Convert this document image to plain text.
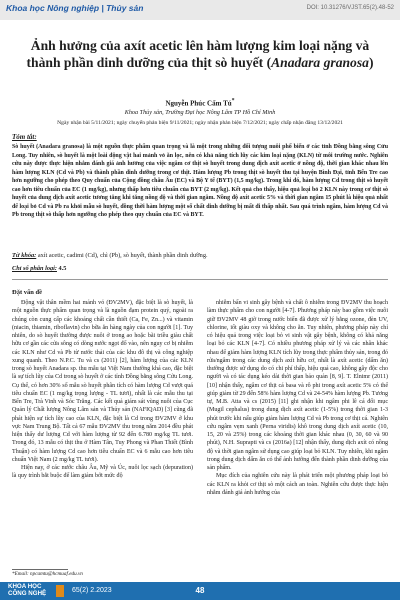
Khoa học Nông nghiệp | Thủy sản	DOI: 10.31276/VJST.65(2).48-52
Ảnh hưởng của axít acetic lên hàm lượng kim loại nặng và thành phần dinh dưỡng của thịt sò huyết (Anadara granosa)
Nguyễn Phúc Cẩm Tú*
Khoa Thủy sản, Trường Đại học Nông Lâm TP Hồ Chí Minh
Ngày nhận bài 5/11/2021; ngày chuyển phản biện 9/11/2021; ngày nhận phản biện 7/12/2021; ngày chấp nhận đăng 13/12/2021
Tóm tắt:

Sò huyết (Anadara granosa) là một nguồn thực phẩm quan trọng và là một trong những đối tượng nuôi phổ biến ở các tỉnh Đồng bằng sông Cửu Long. Tuy nhiên, sò huyết là một loài động vật hai mảnh vỏ ăn lọc, nên có khả năng tích lũy các kim loại nặng (KLN) từ môi trường nước. Nghiên cứu này được thực hiện nhằm đánh giá ảnh hưởng của việc ngâm cơ thịt sò huyết trong dung dịch axít acetic ở nồng độ, thời gian khác nhau lên hàm lượng KLN (Cd và Pb) và thành phần dinh dưỡng trong cơ thịt. Hàm lượng Pb trong thịt sò huyết thu tại huyện Bình Đại, tỉnh Bến Tre cao hơn ngưỡng cho phép theo Quy chuẩn của Cộng đồng châu Âu (EC) và Bộ Y tế (BYT) (1,5 mg/kg). Trong khi đó, hàm lượng Cd trong thịt sò huyết cao hơn tiêu chuẩn của EC (1 mg/kg), nhưng thấp hơn tiêu chuẩn của BYT (2 mg/kg). Kết quả cho thấy, hiệu quả loại bỏ 2 KLN này trong cơ thịt sò huyết của dung dịch axít acetic tương tăng khi tăng nồng độ và thời gian ngâm. Nồng độ axít acetic 5% và thời gian ngâm 15 phút là hiệu quả nhất để loại bỏ Cd và Pb ra khỏi mẫu sò huyết, đồng thời hàm lượng một số chất dinh dưỡng bị mất đi thấp nhất. Sau quá trình ngâm, hàm lượng Cd và Pb trong thịt sò thấp hơn ngưỡng cho phép theo quy chuẩn của EC và BYT.

Từ khóa: axít acetic, cadimi (Cd), chì (Pb), sò huyết, thành phần dinh dưỡng.
Chỉ số phân loại: 4.5
Đặt vấn đề

Động vật thân mềm hai mảnh vỏ (ĐV2MV), đặc biệt là sò huyết, là một nguồn thực phẩm quan trọng và là nguồn đạm protein quý, ngoài ra chúng còn cung cấp các khoáng chất cần thiết (Ca, Fe, Zn...) và vitamin (niacin, thiamin, riboflavin) cho bữa ăn hàng ngày của con người [1]. Tuy nhiên, do sò huyết thường được nuôi ở trong ao hoặc bãi triều giàu chất hữu cơ gần các cửa sông có dòng nước ngọt đổ vào, nên nguy cơ bị nhiễm các KLN như Cd và Pb từ nước thải của các khu đô thị và công nghiệp xung quanh. Theo N.P.C. Tu và cs (2011) [2], hàm lượng của các KLN trong sò huyết Anadara sp. thu mẫu tại Việt Nam thường khá cao, đặc biệt là sự tích lũy của Cd trong sò huyết ở các tỉnh Đồng bằng sông Cửu Long. Cụ thể, có hơn 30% số mẫu sò huyết phân tích có hàm lượng Cd vượt quá tiêu chuẩn EC (1 mg/kg trọng lượng - TL tươi), nhất là các mẫu thu tại Bến Tre, Trà Vinh và Sóc Trăng. Các kết quả giám sát vùng nuôi của Cục Quản lý Chất lượng Nông Lâm sản và Thủy sản (NAFIQAD) [3] cũng đã phát hiện sự tích lũy cao của KLN, đặc biệt là Cd trong ĐV2MV ở khu vực Nam Trung Bộ. Tất cả 67 mẫu ĐV2MV thu trong năm 2014 đều phát hiện thấy dư lượng Cd với hàm lượng từ 92 đến 6.780 mg/kg TL tươi. Trong đó, 13 mẫu có thịt thu ở Hàm Tân, Tuy Phong và Phan Thiết (Bình Thuận) có hàm lượng Cd cao hơn tiêu chuẩn EC và 6 mẫu cao hơn tiêu chuẩn Việt Nam (2 mg/kg TL tươi).

Hiện nay, ở các nước châu Âu, Mỹ và Úc, nuôi lọc sạch (depuration) là quy trình bắt buộc để làm giảm bớt mức độ

nhiễm bẩn vi sinh gây bệnh và chất ô nhiễm trong ĐV2MV thu hoạch làm thực phẩm cho con người [4-7]. Phương pháp này bao gồm việc nuôi giữ ĐV2MV 48 giờ trong nước biển đã được xử lý bằng ozone, đèn UV, chlorine, iốt giàu oxy và không cho ăn. Tuy nhiên, phương pháp này chỉ có hiệu quả trong việc loại bỏ vi sinh vật gây bệnh, không có khả năng loại bỏ các KLN [4-7]. Có nhiều phương pháp xử lý và các nhân khác nhau để giảm hàm lượng KLN tích lũy trong thực phẩm thủy sản, trong đó rửa/ngâm trong các dung dịch axít hữu cơ, nhất là axít acetic (dấm ăn) thường được sử dụng do có chi phí thấp, hiệu quả cao, không gây độc cho người và có tác dụng kéo dài thời gian bảo quản [8, 9]. T. Elnimr (2011) [10] nhận thấy, ngâm cơ thịt cá basa và rô phi trong axít acetic 5% có thể giúp giảm từ 29 đến 58% hàm lượng Cd và 24-54% hàm lượng Pb. Tương tự, M.B. Atta và cs (2015) [11] ghi nhận khi ngâm phi lê cá đối mục (Mugil cephalus) trong dung dịch axít acetic (1-5%) trong thời gian 1-3 phút trước khi nấu giúp giảm hàm lượng Cd và Pb trong cơ thịt cá. Nghiên cứu ngâm vẹm xanh (Perna viridis) khô trong dung dịch axít acetic (10, 15, 20 và 25%) trong các khoảng thời gian khác nhau (0, 30, 60 và 90 phút), N.H. Suprapti và cs (2016a) [12] nhận thấy, dung dịch axít có nồng độ và thời gian ngâm sử dụng cao giúp loại bỏ KLN. Tuy nhiên, khi ngâm trong dung dịch dấm ăn có thể ảnh hưởng đến thành phần dinh dưỡng của sản phẩm.

Mục đích của nghiên cứu này là phát triển một phương pháp loại bỏ các KLN ra khỏi cơ thịt sò một cách an toàn. Nghiên cứu được thực hiện nhằm đánh giá ảnh hưởng của

*Email: npcamtu@hcmuaf.edu.vn
KHOA HỌC
CÔNG NGHỆ	65(2) 2.2023	48
